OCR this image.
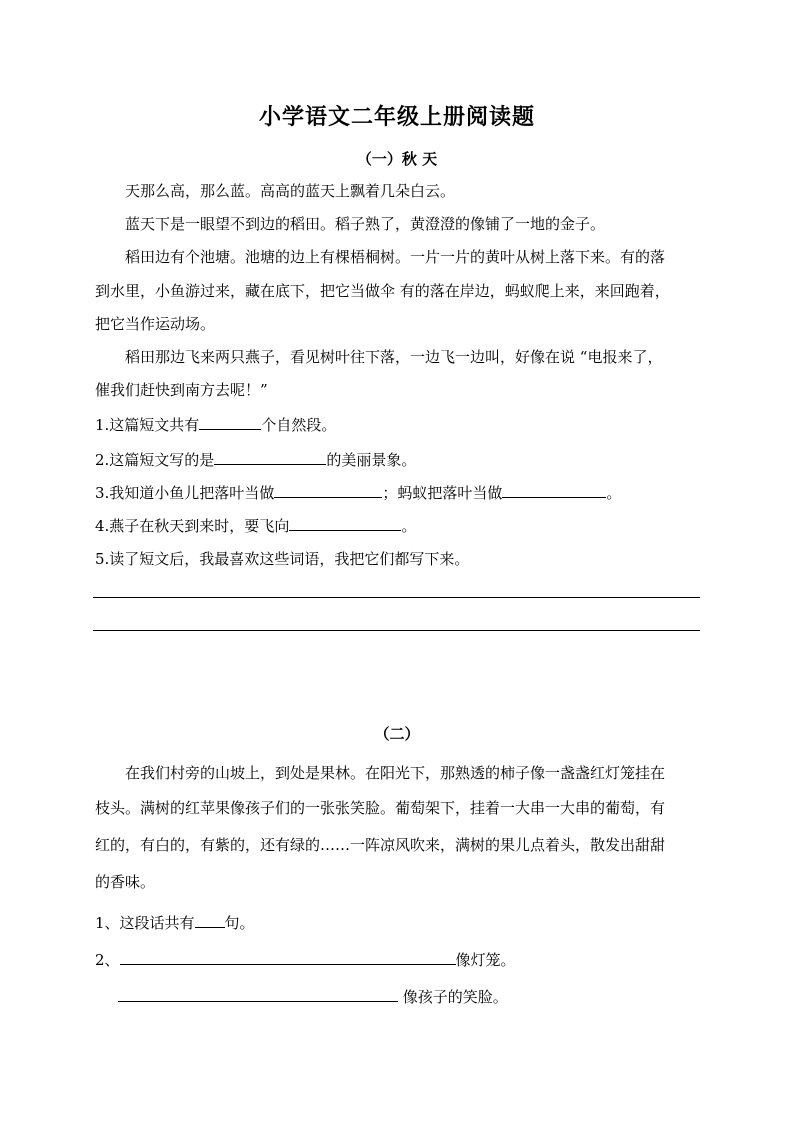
小学语文二年级上册阅读题
（一）秋 天
天那么高，那么蓝。高高的蓝天上飘着几朵白云。
蓝天下是一眼望不到边的稻田。稻子熟了，黄澄澄的像铺了一地的金子。
稻田边有个池塘。池塘的边上有棵梧桐树。一片一片的黄叶从树上落下来。有的落
到水里，小鱼游过来，藏在底下，把它当做伞 有的落在岸边，蚂蚁爬上来，来回跑着，
把它当作运动场。
稻田那边飞来两只燕子，看见树叶往下落，一边飞一边叫，好像在说 “电报来了，
催我们赶快到南方去呢！”
1.这篇短文共有	个自然段。
2.这篇短文写的是	的美丽景象。
3.我知道小鱼儿把落叶当做	；蚂蚁把落叶当做	。
4.燕子在秋天到来时，要飞向	。
5.读了短文后，我最喜欢这些词语，我把它们都写下来。
（二）
在我们村旁的山坡上，到处是果林。在阳光下，那熟透的柿子像一盏盏红灯笼挂在
枝头。满树的红苹果像孩子们的一张张笑脸。葡萄架下，挂着一大串一大串的葡萄，有
红的，有白的，有紫的，还有绿的……一阵凉风吹来，满树的果儿点着头，散发出甜甜
的香味。
1、这段话共有 句。
2、	像灯笼。
像孩子的笑脸。
